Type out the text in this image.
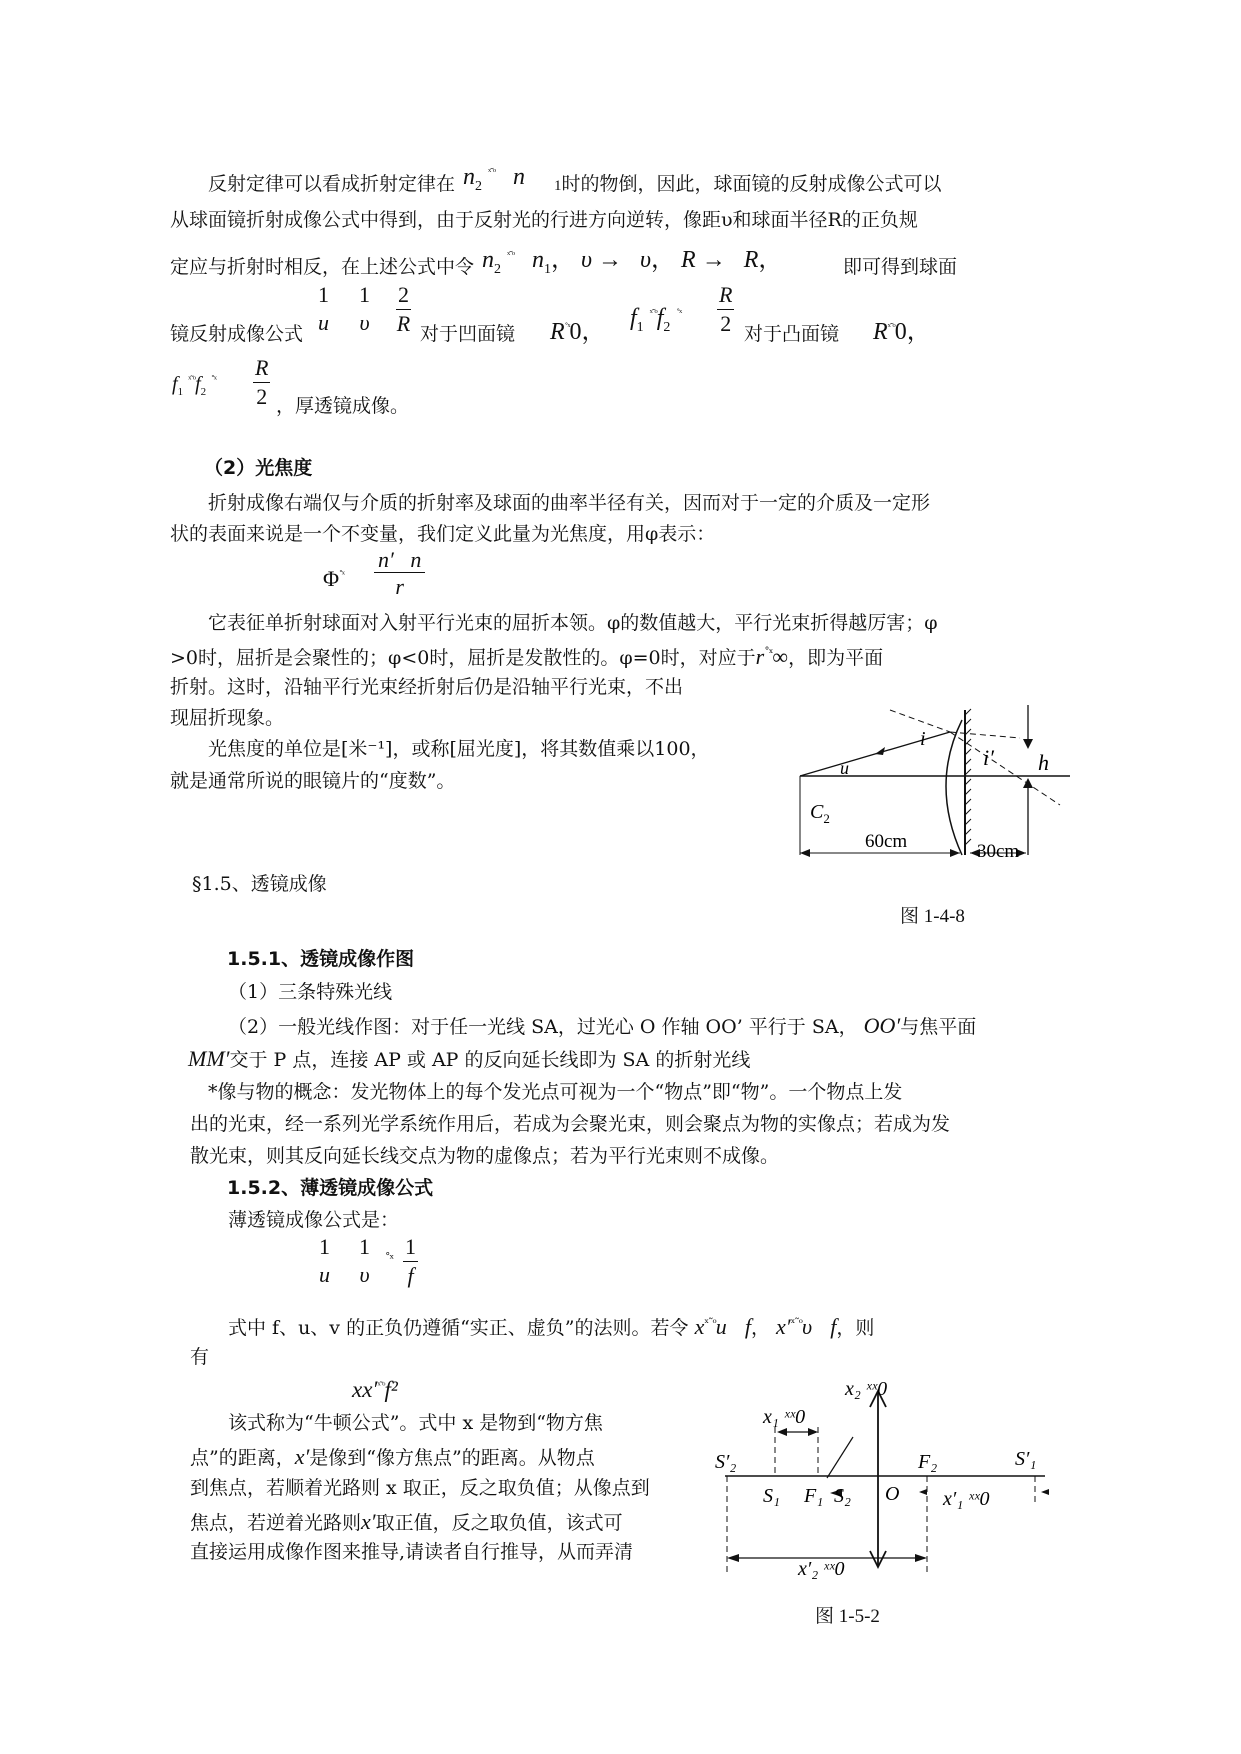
反射定律可以看成折射定律在 $n_2$ $^{ˣ˜ᵒ}$ n 1时的物倒，因此，球面镜的反射成像公式可以
从球面镜折射成像公式中得到，由于反射光的行进方向逆转，像距υ和球面半径R的正负规
定应与折射时相反，在上述公式中令 $n_2$ $^{ˣ˜ᵒ}$ $n_1$， υ → υ， R → R，	即可得到球面
镜反射成像公式
1
u
1
υ $\frac{2}{R}$ 对于凹面镜 $R^{˚ˣ}0$，
$f_1$ $^{ˣ˜ᵒ}f_2$ $^{˚ˣ} \frac{R}{2}$ 对于凸面镜 $R^{ˣ˜ᵒ}0$，
$f_1$ $^{ˣ˜ᵒ}f_2$ $^{˚ˣ} \frac{R}{2}$ ，厚透镜成像。
（2）光焦度
折射成像右端仅与介质的折射率及球面的曲率半径有关，因而对于一定的介质及一定形
状的表面来说是一个不变量，我们定义此量为光焦度，用φ表示：
$\Phi^{˚ˣ} \frac{n' n}{r}$
它表征单折射球面对入射平行光束的屈折本领。φ的数值越大，平行光束折得越厉害；φ
>0时，屈折是会聚性的；φ<0时，屈折是发散性的。φ=0时，对应于$r^{˚ˣ}\infty$，即为平面
折射。这时，沿轴平行光束经折射后仍是沿轴平行光束，不出
现屈折现象。
光焦度的单位是[米⁻¹]，或称[屈光度]，将其数值乘以100，
就是通常所说的眼镜片的“度数”。
$C_2$
u
i
i′ h
60cm	30cm
图 1-4-8
§1.5、透镜成像
1.5.1、透镜成像作图
（1）三条特殊光线
（2）一般光线作图：对于任一光线 SA，过光心 O 作轴 OO’ 平行于 SA， OO′与焦平面
MM′交于 P 点，连接 AP 或 AP 的反向延长线即为 SA 的折射光线
*像与物的概念：发光物体上的每个发光点可视为一个“物点”即“物”。一个物点上发
出的光束，经一系列光学系统作用后，若成为会聚光束，则会聚点为物的实像点；若成为发
散光束，则其反向延长线交点为物的虚像点；若为平行光束则不成像。
1.5.2、薄透镜成像公式
薄透镜成像公式是：
1
u
1
υ
$^{˚ˣ} \frac{1}{f}$
式中 f、u、v 的正负仍遵循“实正、虚负”的法则。若令 $x^{ˣ˜ᵒ}u$ f， $x'^{ˣ˜ᵒ}\upsilon$ f，则
有
$xx'^{ˣ˜ᵒ}f^2$
该式称为“牛顿公式”。式中 x 是物到“物方焦
点”的距离，x′是像到“像方焦点”的距离。从物点
到焦点，若顺着光路则 x 取正，反之取负值；从像点到
焦点，若逆着光路则x′取正值，反之取负值，该式可
直接运用成像作图来推导,请读者自行推导，从而弄清
x₁ ˣˣ0
x₂ ˣˣ0
S′₂	S′₁
F₂
S₁ F₁ S₂ O x′₁ ˣˣ0
x′₂ ˣˣ0
图 1-5-2
